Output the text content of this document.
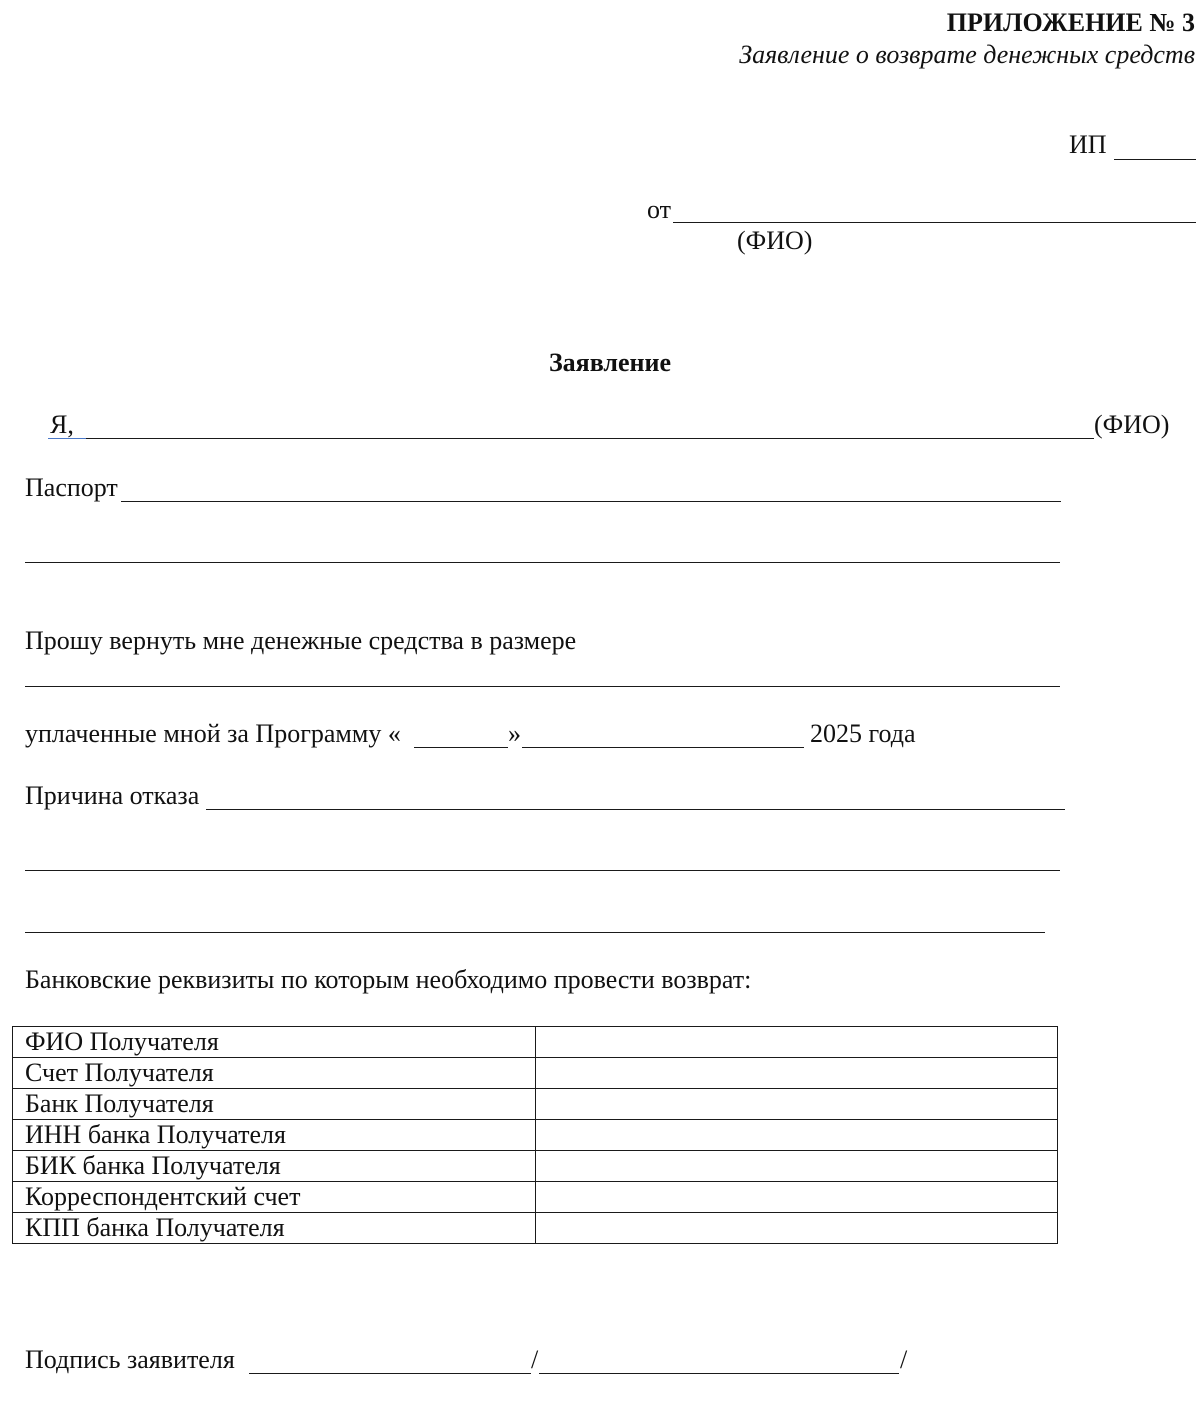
ПРИЛОЖЕНИЕ № 3
Заявление о возврате денежных средств
ИП
от
(ФИО)
Заявление
Я,	(ФИО)
Паспорт
Прошу вернуть мне денежные средства в размере
уплаченные мной за Программу «	»	2025 года
Причина отказа
Банковские реквизиты по которым необходимо провести возврат:
ФИО Получателя	
Счет Получателя	
Банк Получателя	
ИНН банка Получателя	
БИК банка Получателя	
Корреспондентский счет	
КПП банка Получателя	
Подпись заявителя	/	/
